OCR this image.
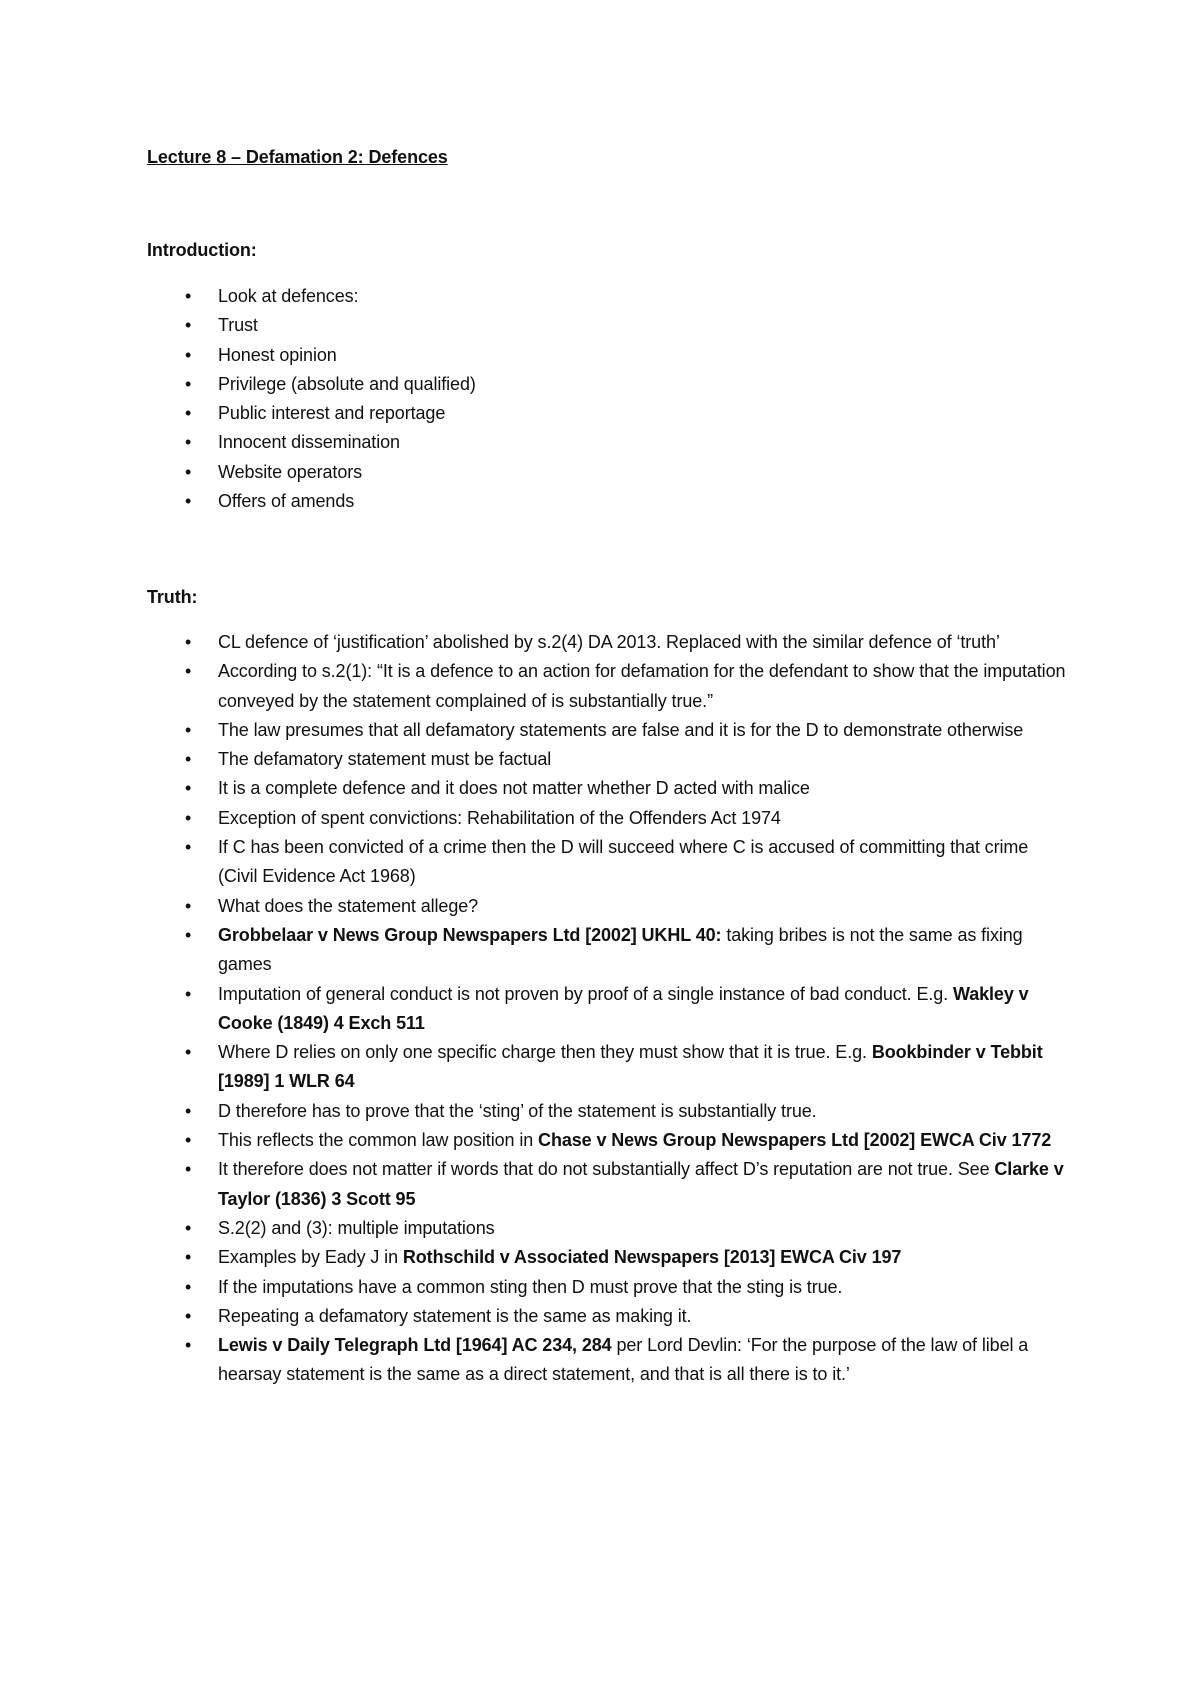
Lecture 8 – Defamation 2: Defences
Introduction:
• Look at defences:
• Trust
• Honest opinion
• Privilege (absolute and qualified)
• Public interest and reportage
• Innocent dissemination
• Website operators
• Offers of amends
Truth:
• CL defence of ‘justification’ abolished by s.2(4) DA 2013. Replaced with the similar defence of ‘truth’
• According to s.2(1): “It is a defence to an action for defamation for the defendant to show that the imputation conveyed by the statement complained of is substantially true.”
• The law presumes that all defamatory statements are false and it is for the D to demonstrate otherwise
• The defamatory statement must be factual
• It is a complete defence and it does not matter whether D acted with malice
• Exception of spent convictions: Rehabilitation of the Offenders Act 1974
• If C has been convicted of a crime then the D will succeed where C is accused of committing that crime (Civil Evidence Act 1968)
• What does the statement allege?
• Grobbelaar v News Group Newspapers Ltd [2002] UKHL 40: taking bribes is not the same as fixing games
• Imputation of general conduct is not proven by proof of a single instance of bad conduct. E.g. Wakley v Cooke (1849) 4 Exch 511
• Where D relies on only one specific charge then they must show that it is true. E.g. Bookbinder v Tebbit [1989] 1 WLR 64
• D therefore has to prove that the ‘sting’ of the statement is substantially true.
• This reflects the common law position in Chase v News Group Newspapers Ltd [2002] EWCA Civ 1772
• It therefore does not matter if words that do not substantially affect D’s reputation are not true. See Clarke v Taylor (1836) 3 Scott 95
• S.2(2) and (3): multiple imputations
• Examples by Eady J in Rothschild v Associated Newspapers [2013] EWCA Civ 197
• If the imputations have a common sting then D must prove that the sting is true.
• Repeating a defamatory statement is the same as making it.
• Lewis v Daily Telegraph Ltd [1964] AC 234, 284 per Lord Devlin: ‘For the purpose of the law of libel a hearsay statement is the same as a direct statement, and that is all there is to it.’
